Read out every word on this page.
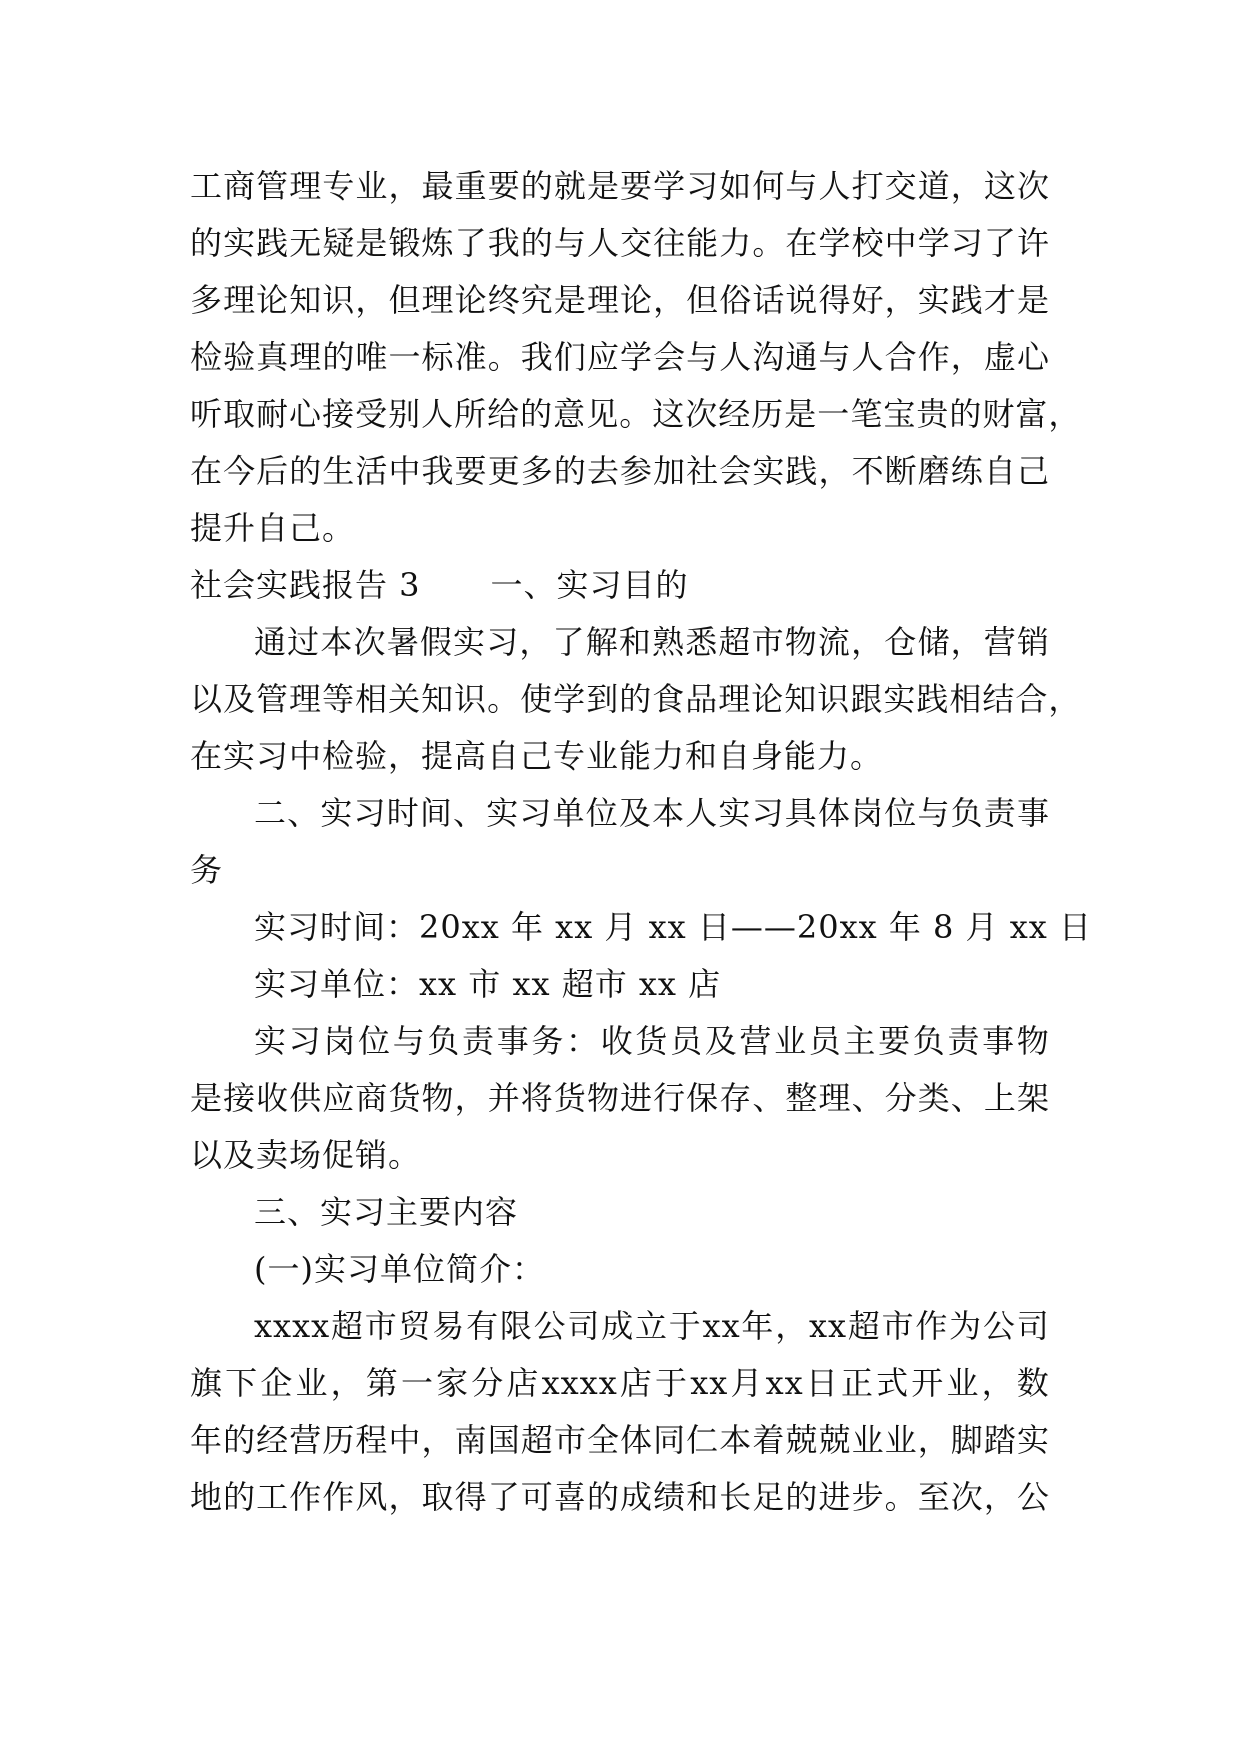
工 商 管 理 专 业 ， 最 重 要 的 就 是 要 学 习 如 何 与 人 打 交 道 ， 这 次
的 实 践 无 疑 是 锻 炼 了 我 的 与 人 交 往 能 力 。 在 学 校 中 学 习 了 许
多 理 论 知 识 ， 但 理 论 终 究 是 理 论 ， 但 俗 话 说 得 好 ， 实 践 才 是
检 验 真 理 的 唯 一 标 准 。 我 们 应 学 会 与 人 沟 通 与 人 合 作 ， 虚 心
听 取 耐 心 接 受 别 人 所 给 的 意 见 。 这 次 经 历 是 一 笔 宝 贵 的 财 富 ，
在 今 后 的 生 活 中 我 要 更 多 的 去 参 加 社 会 实 践 ， 不 断 磨 练 自 己
提升自己。
社会实践报告 3 一、实习目的
通 过 本 次 暑 假 实 习 ， 了 解 和 熟 悉 超 市 物 流 ， 仓 储 ， 营 销
以 及 管 理 等 相 关 知 识 。 使 学 到 的 食 品 理 论 知 识 跟 实 践 相 结 合 ，
在实习中检验，提高自己专业能力和自身能力。
二 、 实 习 时 间 、 实 习 单 位 及 本 人 实 习 具 体 岗 位 与 负 责 事
务
实习时间：20xx 年 xx 月 xx 日——20xx 年 8 月 xx 日
实习单位：xx 市 xx 超市 xx 店
实 习 岗 位 与 负 责 事 务 ： 收 货 员 及 营 业 员 主 要 负 责 事 物
是 接 收 供 应 商 货 物 ， 并 将 货 物 进 行 保 存 、 整 理 、 分 类 、 上 架
以及卖场促销。
三、实习主要内容
(一)实习单位简介：
xxxx 超 市 贸 易 有 限 公 司 成 立 于 xx 年 ， xx 超 市 作 为 公 司
旗 下 企 业 ， 第 一 家 分 店 xxxx 店 于 xx 月 xx 日 正 式 开 业 ， 数
年 的 经 营 历 程 中 ， 南 国 超 市 全 体 同 仁 本 着 兢 兢 业 业 ， 脚 踏 实
地 的 工 作 作 风 ， 取 得 了 可 喜 的 成 绩 和 长 足 的 进 步 。 至 次 ， 公
